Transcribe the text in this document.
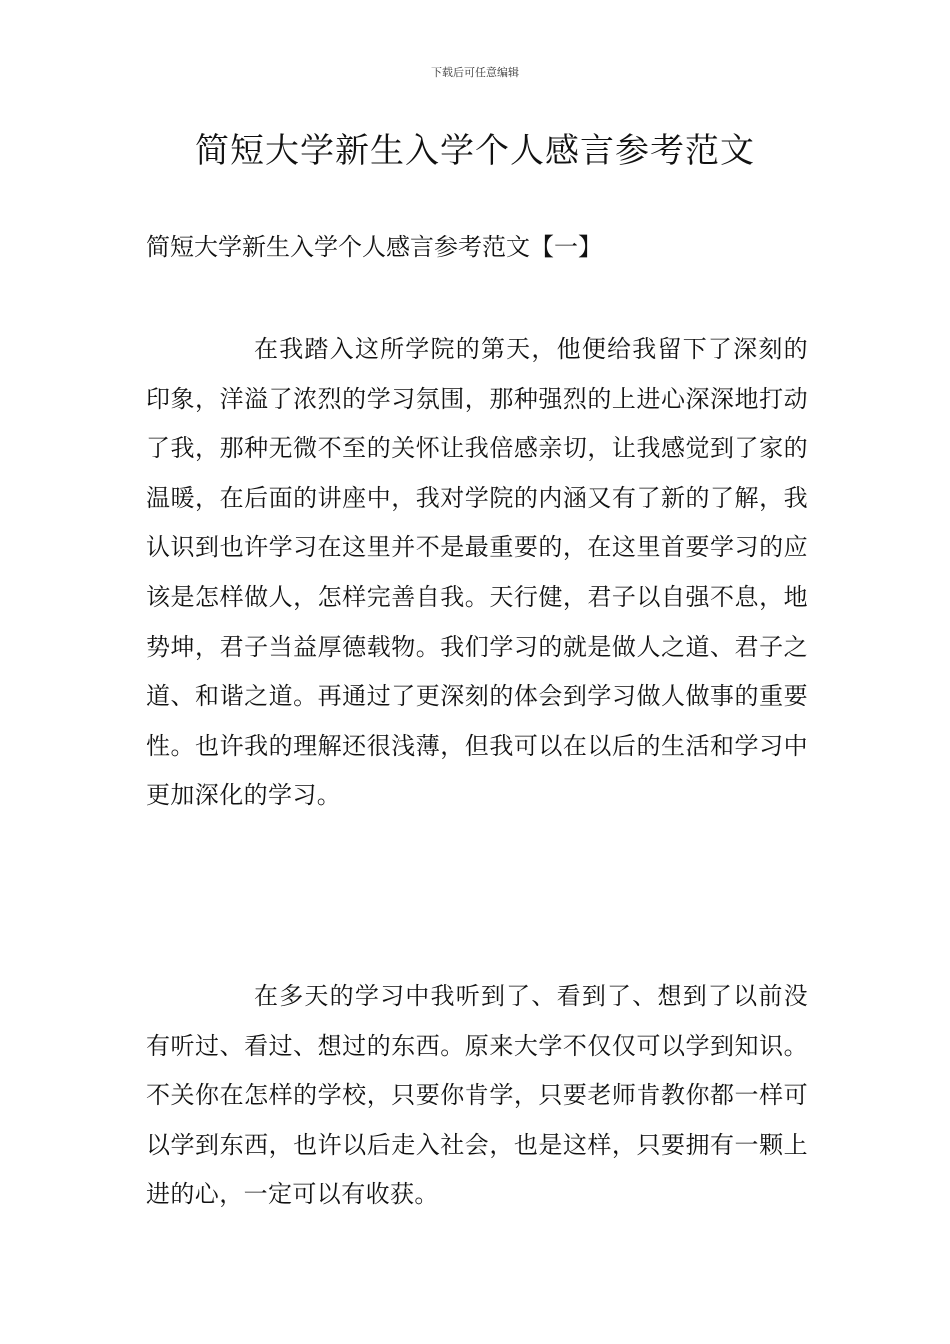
下载后可任意编辑
简短大学新生入学个人感言参考范文
简短大学新生入学个人感言参考范文【一】

在我踏入这所学院的第天，他便给我留下了深刻的印象，洋溢了浓烈的学习氛围，那种强烈的上进心深深地打动了我，那种无微不至的关怀让我倍感亲切，让我感觉到了家的温暖，在后面的讲座中，我对学院的内涵又有了新的了解，我认识到也许学习在这里并不是最重要的，在这里首要学习的应该是怎样做人，怎样完善自我。天行健，君子以自强不息，地势坤，君子当益厚德载物。我们学习的就是做人之道、君子之道、和谐之道。再通过了更深刻的体会到学习做人做事的重要性。也许我的理解还很浅薄，但我可以在以后的生活和学习中更加深化的学习。

在多天的学习中我听到了、看到了、想到了以前没有听过、看过、想过的东西。原来大学不仅仅可以学到知识。不关你在怎样的学校，只要你肯学，只要老师肯教你都一样可以学到东西，也许以后走入社会，也是这样，只要拥有一颗上进的心，一定可以有收获。
